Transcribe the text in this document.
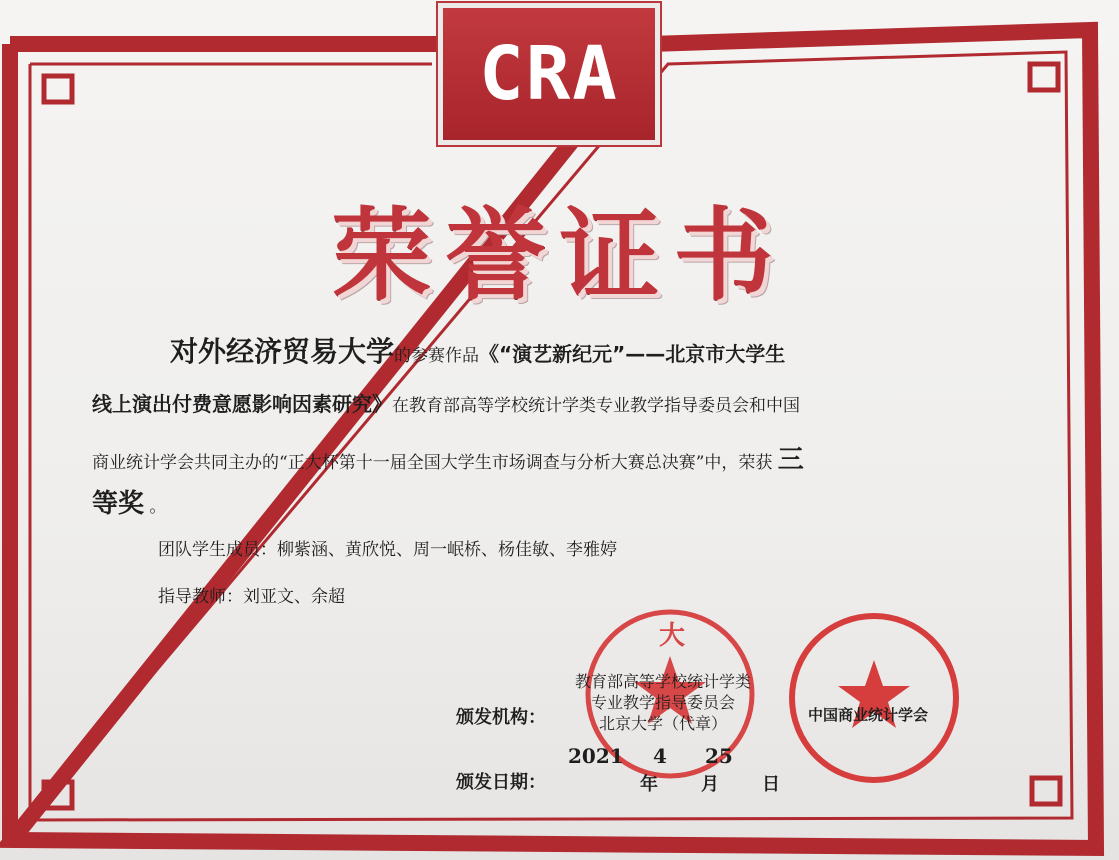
CRA
荣誉证书
对外经济贸易大学的参赛作品《“演艺新纪元”——北京市大学生
线上演出付费意愿影响因素研究》在教育部高等学校统计学类专业教学指导委员会和中国
商业统计学会共同主办的“正大杯第十一届全国大学生市场调查与分析大赛总决赛”中，荣获 三
等奖 。
团队学生成员：柳紫涵、黄欣悦、周一岷桥、杨佳敏、李雅婷
指导教师：刘亚文、余超
大
颁发机构：
教育部高等学校统计学类
专业教学指导委员会
北京大学（代章）	中国商业统计学会
颁发日期：
2021 4 25
年 月 日
